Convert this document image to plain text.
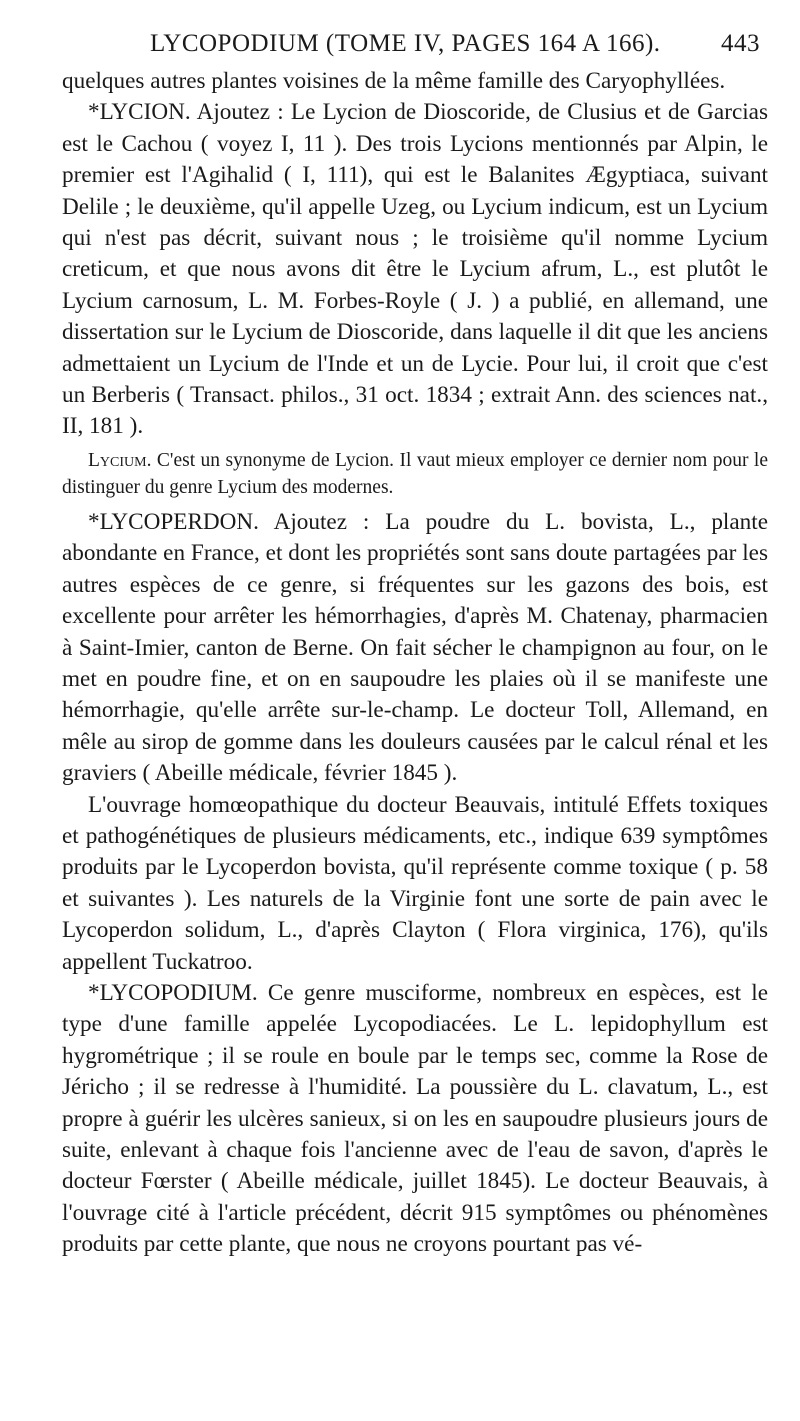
LYCOPODIUM (TOME IV, PAGES 164 A 166). 443

quelques autres plantes voisines de la même famille des Caryophyllées.

*LYCION. Ajoutez : Le Lycion de Dioscoride, de Clusius et de Garcias est le Cachou ( voyez I, 11 ). Des trois Lycions mentionnés par Alpin, le premier est l'Agihalid ( I, 111), qui est le Balanites Ægyptiaca, suivant Delile ; le deuxième, qu'il appelle Uzeg, ou Lycium indicum, est un Lycium qui n'est pas décrit, suivant nous ; le troisième qu'il nomme Lycium creticum, et que nous avons dit être le Lycium afrum, L., est plutôt le Lycium carnosum, L. M. Forbes-Royle ( J. ) a publié, en allemand, une dissertation sur le Lycium de Dioscoride, dans laquelle il dit que les anciens admettaient un Lycium de l'Inde et un de Lycie. Pour lui, il croit que c'est un Berberis ( Transact. philos., 31 oct. 1834 ; extrait Ann. des sciences nat., II, 181 ).

Lycium. C'est un synonyme de Lycion. Il vaut mieux employer ce dernier nom pour le distinguer du genre Lycium des modernes.

*LYCOPERDON. Ajoutez : La poudre du L. bovista, L., plante abondante en France, et dont les propriétés sont sans doute partagées par les autres espèces de ce genre, si fréquentes sur les gazons des bois, est excellente pour arrêter les hémorrhagies, d'après M. Chatenay, pharmacien à Saint-Imier, canton de Berne. On fait sécher le champignon au four, on le met en poudre fine, et on en saupoudre les plaies où il se manifeste une hémorrhagie, qu'elle arrête sur-le-champ. Le docteur Toll, Allemand, en mêle au sirop de gomme dans les douleurs causées par le calcul rénal et les graviers ( Abeille médicale, février 1845 ).

L'ouvrage homœopathique du docteur Beauvais, intitulé Effets toxiques et pathogénétiques de plusieurs médicaments, etc., indique 639 symptômes produits par le Lycoperdon bovista, qu'il représente comme toxique ( p. 58 et suivantes ). Les naturels de la Virginie font une sorte de pain avec le Lycoperdon solidum, L., d'après Clayton ( Flora virginica, 176), qu'ils appellent Tuckatroo.

*LYCOPODIUM. Ce genre musciforme, nombreux en espèces, est le type d'une famille appelée Lycopodiacées. Le L. lepidophyllum est hygrométrique ; il se roule en boule par le temps sec, comme la Rose de Jéricho ; il se redresse à l'humidité. La poussière du L. clavatum, L., est propre à guérir les ulcères sanieux, si on les en saupoudre plusieurs jours de suite, enlevant à chaque fois l'ancienne avec de l'eau de savon, d'après le docteur Fœrster ( Abeille médicale, juillet 1845). Le docteur Beauvais, à l'ouvrage cité à l'article précédent, décrit 915 symptômes ou phénomènes produits par cette plante, que nous ne croyons pourtant pas vé-
